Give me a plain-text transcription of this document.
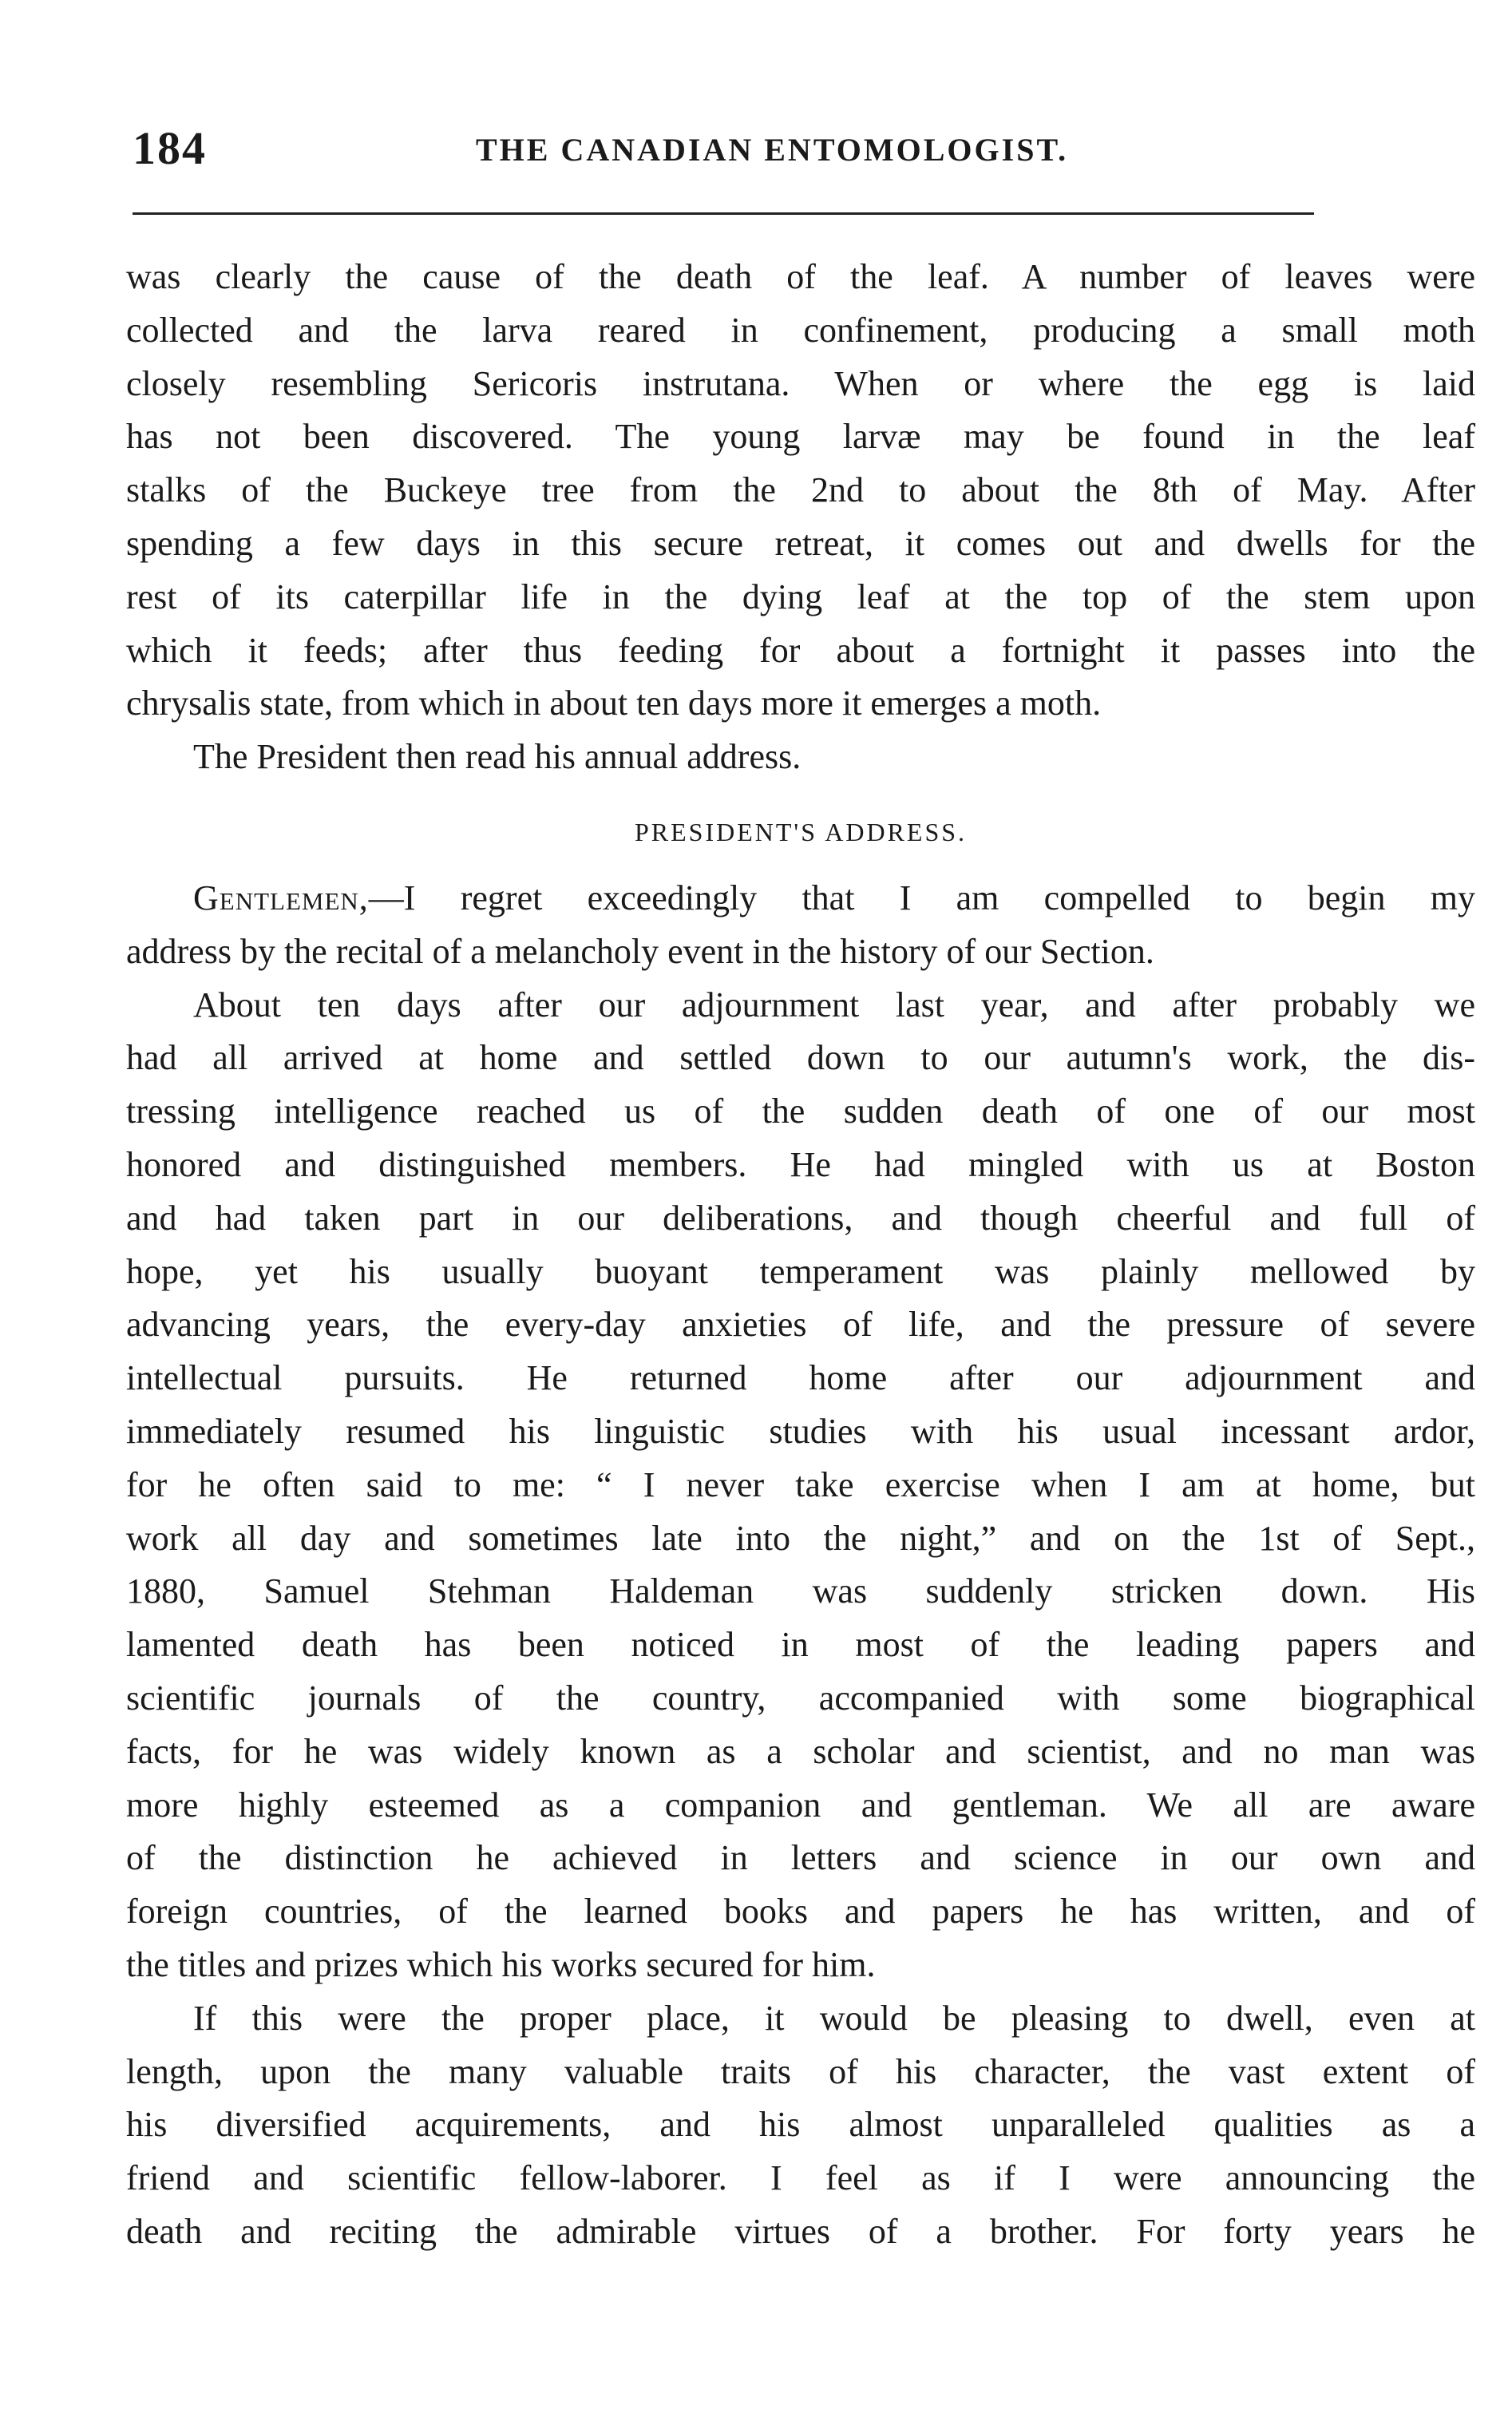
184	THE CANADIAN ENTOMOLOGIST.

was clearly the cause of the death of the leaf. A number of leaves were

collected and the larva reared in confinement, producing a small moth

closely resembling Sericoris instrutana. When or where the egg is laid

has not been discovered. The young larvæ may be found in the leaf

stalks of the Buckeye tree from the 2nd to about the 8th of May. After

spending a few days in this secure retreat, it comes out and dwells for the

rest of its caterpillar life in the dying leaf at the top of the stem upon

which it feeds; after thus feeding for about a fortnight it passes into the

chrysalis state, from which in about ten days more it emerges a moth.

The President then read his annual address.

PRESIDENT'S ADDRESS.

Gentlemen,—I regret exceedingly that I am compelled to begin my

address by the recital of a melancholy event in the history of our Section.

About ten days after our adjournment last year, and after probably we

had all arrived at home and settled down to our autumn's work, the dis-

tressing intelligence reached us of the sudden death of one of our most

honored and distinguished members. He had mingled with us at Boston

and had taken part in our deliberations, and though cheerful and full of

hope, yet his usually buoyant temperament was plainly mellowed by

advancing years, the every-day anxieties of life, and the pressure of severe

intellectual pursuits. He returned home after our adjournment and

immediately resumed his linguistic studies with his usual incessant ardor,

for he often said to me: “ I never take exercise when I am at home, but

work all day and sometimes late into the night,” and on the 1st of Sept.,

1880, Samuel Stehman Haldeman was suddenly stricken down. His

lamented death has been noticed in most of the leading papers and

scientific journals of the country, accompanied with some biographical

facts, for he was widely known as a scholar and scientist, and no man was

more highly esteemed as a companion and gentleman. We all are aware

of the distinction he achieved in letters and science in our own and

foreign countries, of the learned books and papers he has written, and of

the titles and prizes which his works secured for him.

If this were the proper place, it would be pleasing to dwell, even at

length, upon the many valuable traits of his character, the vast extent of

his diversified acquirements, and his almost unparalleled qualities as a

friend and scientific fellow-laborer. I feel as if I were announcing the

death and reciting the admirable virtues of a brother. For forty years he
